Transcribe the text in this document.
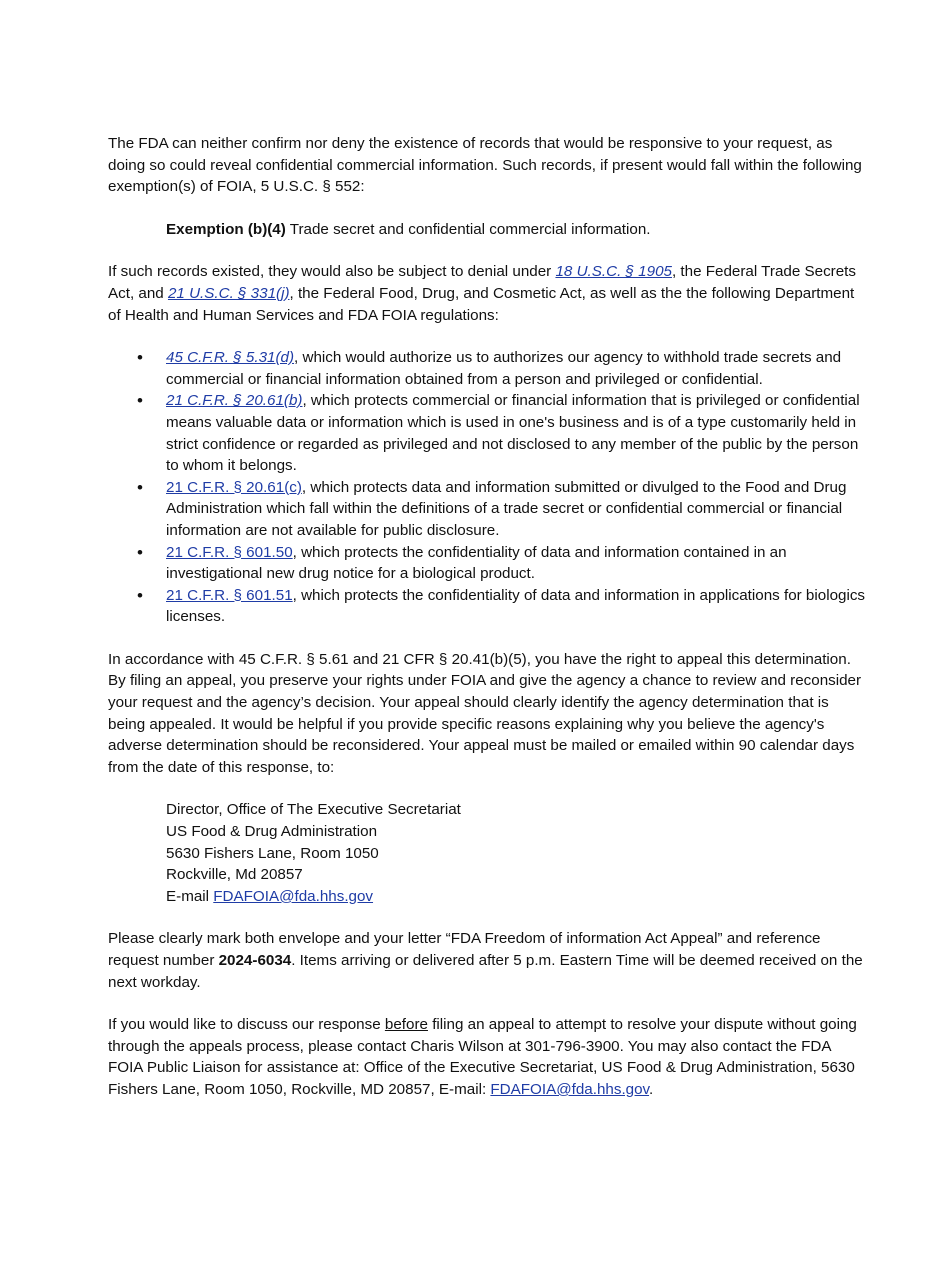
The FDA can neither confirm nor deny the existence of records that would be responsive to your request, as doing so could reveal confidential commercial information. Such records, if present would fall within the following exemption(s) of FOIA, 5 U.S.C. § 552:

Exemption (b)(4) Trade secret and confidential commercial information.

If such records existed, they would also be subject to denial under 18 U.S.C. § 1905, the Federal Trade Secrets Act, and 21 U.S.C. § 331(j), the Federal Food, Drug, and Cosmetic Act, as well as the the following Department of Health and Human Services and FDA FOIA regulations:

• 45 C.F.R. § 5.31(d), which would authorize us to authorizes our agency to withhold trade secrets and commercial or financial information obtained from a person and privileged or confidential.
• 21 C.F.R. § 20.61(b), which protects commercial or financial information that is privileged or confidential means valuable data or information which is used in one's business and is of a type customarily held in strict confidence or regarded as privileged and not disclosed to any member of the public by the person to whom it belongs.
• 21 C.F.R. § 20.61(c), which protects data and information submitted or divulged to the Food and Drug Administration which fall within the definitions of a trade secret or confidential commercial or financial information are not available for public disclosure.
• 21 C.F.R. § 601.50, which protects the confidentiality of data and information contained in an investigational new drug notice for a biological product.
• 21 C.F.R. § 601.51, which protects the confidentiality of data and information in applications for biologics licenses.

In accordance with 45 C.F.R. § 5.61 and 21 CFR § 20.41(b)(5), you have the right to appeal this determination. By filing an appeal, you preserve your rights under FOIA and give the agency a chance to review and reconsider your request and the agency’s decision. Your appeal should clearly identify the agency determination that is being appealed. It would be helpful if you provide specific reasons explaining why you believe the agency's adverse determination should be reconsidered. Your appeal must be mailed or emailed within 90 calendar days from the date of this response, to:

Director, Office of The Executive Secretariat
US Food & Drug Administration
5630 Fishers Lane, Room 1050
Rockville, Md 20857
E-mail FDAFOIA@fda.hhs.gov

Please clearly mark both envelope and your letter “FDA Freedom of information Act Appeal” and reference request number 2024-6034. Items arriving or delivered after 5 p.m. Eastern Time will be deemed received on the next workday.

If you would like to discuss our response before filing an appeal to attempt to resolve your dispute without going through the appeals process, please contact Charis Wilson at 301-796-3900. You may also contact the FDA FOIA Public Liaison for assistance at: Office of the Executive Secretariat, US Food & Drug Administration, 5630 Fishers Lane, Room 1050, Rockville, MD 20857, E-mail: FDAFOIA@fda.hhs.gov.
